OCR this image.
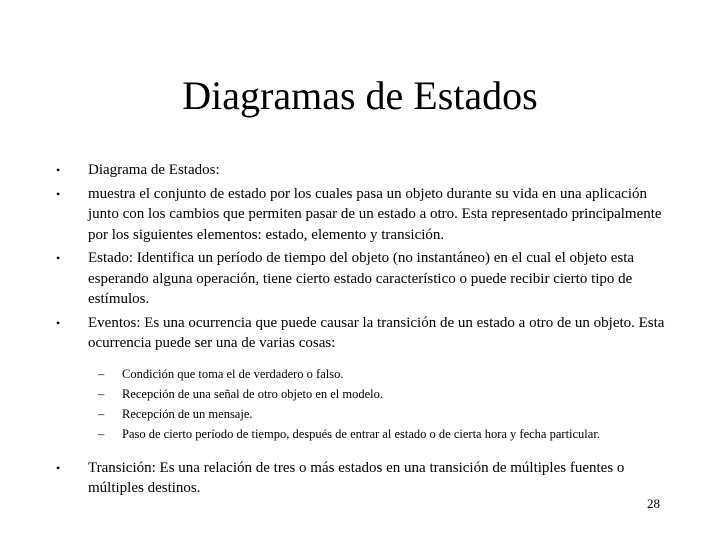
Diagramas de Estados
•	Diagrama de Estados:
•	muestra el conjunto de estado por los cuales pasa un objeto durante su vida en una aplicación junto con los cambios que permiten pasar de un estado a otro. Esta representado principalmente por los siguientes elementos: estado, elemento y transición.
•	Estado: Identifica un período de tiempo del objeto (no instantáneo) en el cual el objeto esta esperando alguna operación, tiene cierto estado característico o puede recibir cierto tipo de estímulos.
•	Eventos: Es una ocurrencia que puede causar la transición de un estado a otro de un objeto. Esta ocurrencia puede ser una de varias cosas:
– Condición que toma el de verdadero o falso.
– Recepción de una señal de otro objeto en el modelo.
– Recepción de un mensaje.
– Paso de cierto período de tiempo, después de entrar al estado o de cierta hora y fecha particular.
•	Transición: Es una relación de tres o más estados en una transición de múltiples fuentes o múltiples destinos.
28
